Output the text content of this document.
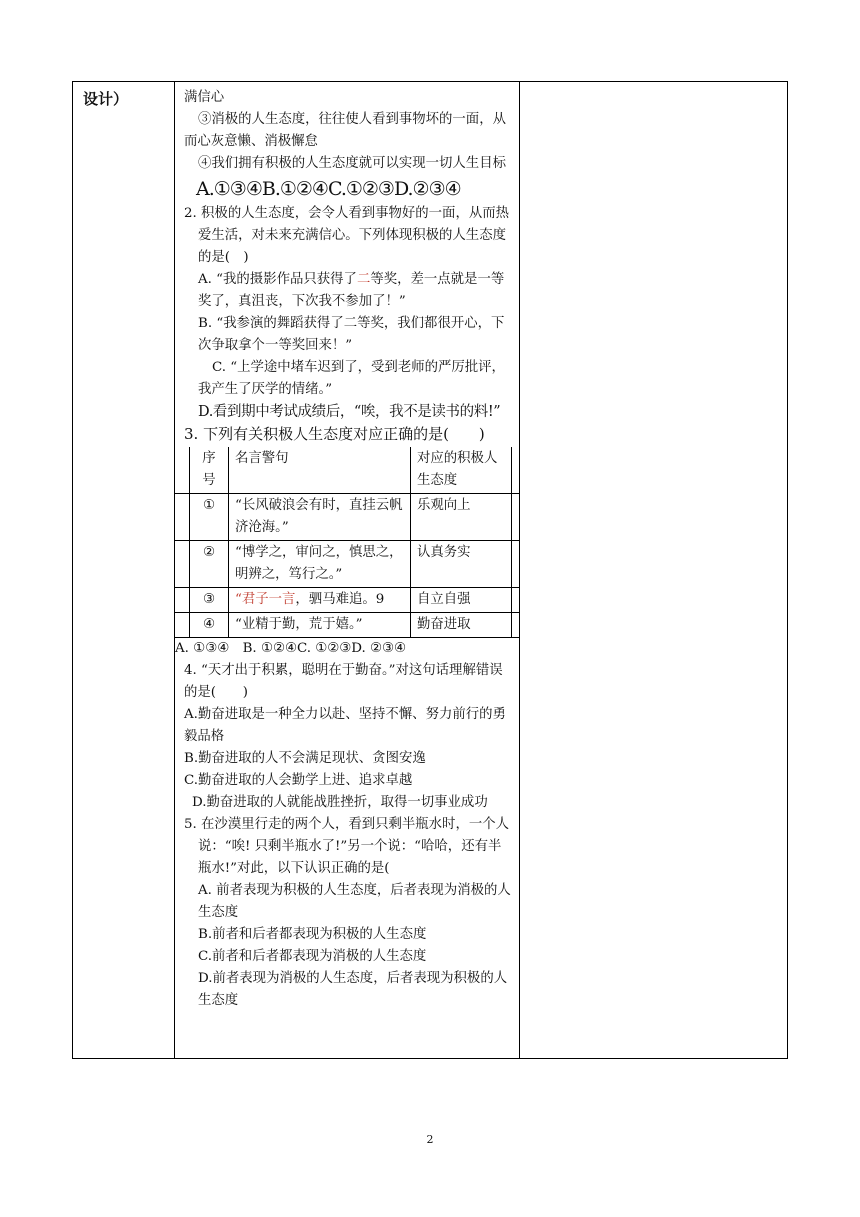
设计）	满信心

③消极的人生态度，往往使人看到事物坏的一面，从而心灰意懒、消极懈怠

④我们拥有积极的人生态度就可以实现一切人生目标

A.①③④B.①②④C.①②③D.②③④

2. 积极的人生态度，会令人看到事物好的一面，从而热爱生活，对未来充满信心。下列体现积极的人生态度的是(　)

A. “我的摄影作品只获得了二等奖，差一点就是一等奖了，真沮丧，下次我不参加了！”

B. “我参演的舞蹈获得了二等奖，我们都很开心，下次争取拿个一等奖回来！”

C. “上学途中堵车迟到了，受到老师的严厉批评，我产生了厌学的情绪。”

D.看到期中考试成绩后，“唉，我不是读书的料!”

3. 下列有关积极人生态度对应正确的是(　　)

	序号	名言警句	对应的积极人生态度	
	①	“长风破浪会有时，直挂云帆济沧海。”	乐观向上	
	②	“博学之，审问之，慎思之，明辨之，笃行之。”	认真务实	
	③	“君子一言，驷马难追。9	自立自强	
	④	“业精于勤，荒于嬉。”	勤奋进取	

A. ①③④　B. ①②④C. ①②③D. ②③④

4. “天才出于积累，聪明在于勤奋。”对这句话理解错误的是(　　)

A.勤奋进取是一种全力以赴、坚持不懈、努力前行的勇毅品格

B.勤奋进取的人不会满足现状、贪图安逸

C.勤奋进取的人会勤学上进、追求卓越

D.勤奋进取的人就能战胜挫折，取得一切事业成功

5. 在沙漠里行走的两个人，看到只剩半瓶水时，一个人说：“唉! 只剩半瓶水了!”另一个说：“哈哈，还有半瓶水!”对此，以下认识正确的是(

A. 前者表现为积极的人生态度，后者表现为消极的人生态度

B.前者和后者都表现为积极的人生态度

C.前者和后者都表现为消极的人生态度

D.前者表现为消极的人生态度，后者表现为积极的人生态度

2
